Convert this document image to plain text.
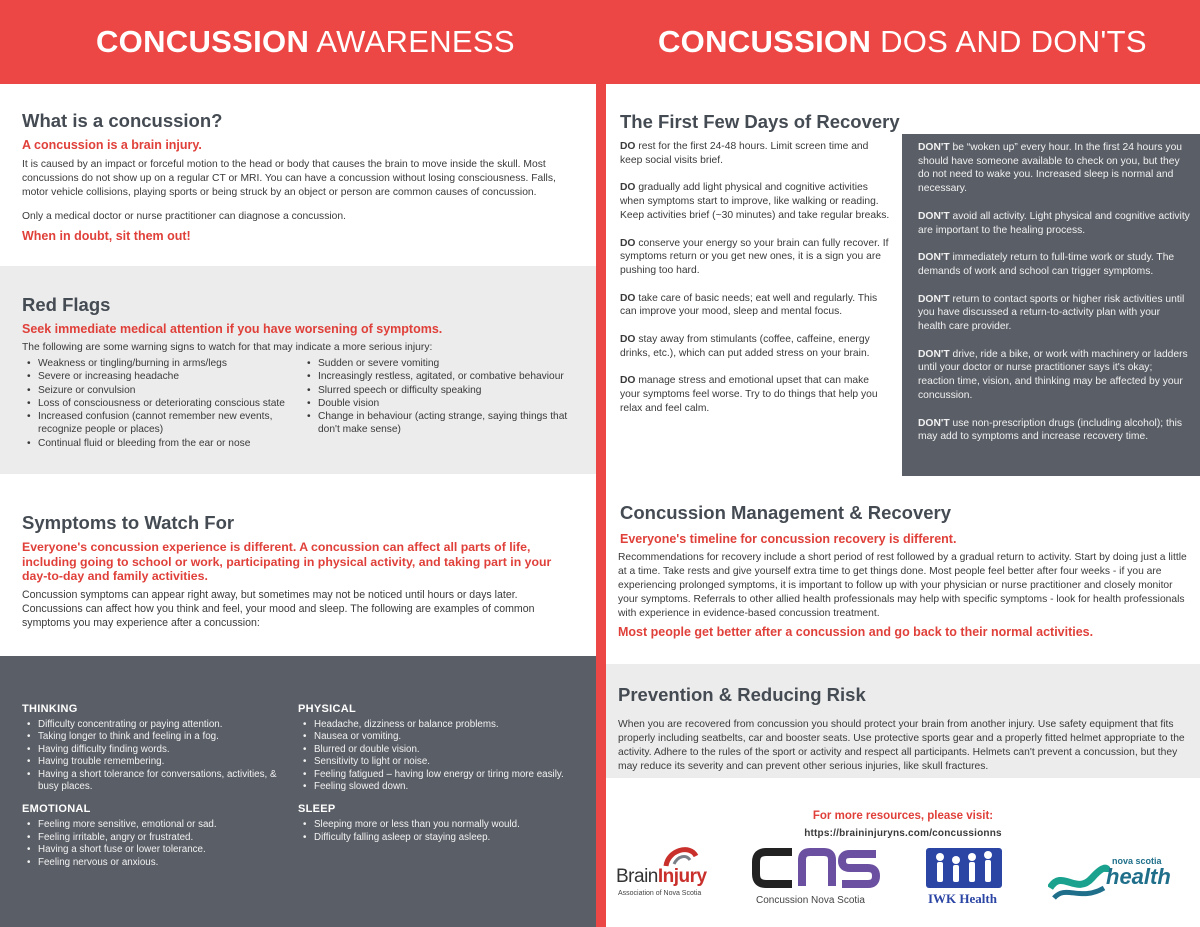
CONCUSSION AWARENESS	CONCUSSION DOS AND DON'TS
What is a concussion?
A concussion is a brain injury.

It is caused by an impact or forceful motion to the head or body that causes the brain to move inside the skull. Most concussions do not show up on a regular CT or MRI. You can have a concussion without losing consciousness. Falls, motor vehicle collisions, playing sports or being struck by an object or person are common causes of concussion.

Only a medical doctor or nurse practitioner can diagnose a concussion.

When in doubt, sit them out!
Red Flags
Seek immediate medical attention if you have worsening of symptoms.

The following are some warning signs to watch for that may indicate a more serious injury:

• Weakness or tingling/burning in arms/legs
• Severe or increasing headache
• Seizure or convulsion
• Loss of consciousness or deteriorating conscious state
• Increased confusion (cannot remember new events, recognize people or places)
• Continual fluid or bleeding from the ear or nose
• Sudden or severe vomiting
• Increasingly restless, agitated, or combative behaviour
• Slurred speech or difficulty speaking
• Double vision
• Change in behaviour (acting strange, saying things that don't make sense)
Symptoms to Watch For
Everyone's concussion experience is different. A concussion can affect all parts of life, including going to school or work, participating in physical activity, and taking part in your day-to-day and family activities.

Concussion symptoms can appear right away, but sometimes may not be noticed until hours or days later. Concussions can affect how you think and feel, your mood and sleep. The following are examples of common symptoms you may experience after a concussion:

THINKING
• Difficulty concentrating or paying attention.
• Taking longer to think and feeling in a fog.
• Having difficulty finding words.
• Having trouble remembering.
• Having a short tolerance for conversations, activities, & busy places.
PHYSICAL
• Headache, dizziness or balance problems.
• Nausea or vomiting.
• Blurred or double vision.
• Sensitivity to light or noise.
• Feeling fatigued – having low energy or tiring more easily.
• Feeling slowed down.
EMOTIONAL
• Feeling more sensitive, emotional or sad.
• Feeling irritable, angry or frustrated.
• Having a short fuse or lower tolerance.
• Feeling nervous or anxious.
SLEEP
• Sleeping more or less than you normally would.
• Difficulty falling asleep or staying asleep.
The First Few Days of Recovery

DO rest for the first 24-48 hours. Limit screen time and keep social visits brief.

DO gradually add light physical and cognitive activities when symptoms start to improve, like walking or reading. Keep activities brief (~30 minutes) and take regular breaks.

DO conserve your energy so your brain can fully recover. If symptoms return or you get new ones, it is a sign you are pushing too hard.

DO take care of basic needs; eat well and regularly. This can improve your mood, sleep and mental focus.

DO stay away from stimulants (coffee, caffeine, energy drinks, etc.), which can put added stress on your brain.

DO manage stress and emotional upset that can make your symptoms feel worse. Try to do things that help you relax and feel calm.

DON'T be “woken up” every hour. In the first 24 hours you should have someone available to check on you, but they do not need to wake you. Increased sleep is normal and necessary.

DON'T avoid all activity. Light physical and cognitive activity are important to the healing process.

DON'T immediately return to full-time work or study. The demands of work and school can trigger symptoms.

DON'T return to contact sports or higher risk activities until you have discussed a return-to-activity plan with your health care provider.

DON'T drive, ride a bike, or work with machinery or ladders until your doctor or nurse practitioner says it's okay; reaction time, vision, and thinking may be affected by your concussion.

DON'T use non-prescription drugs (including alcohol); this may add to symptoms and increase recovery time.

Concussion Management & Recovery
Everyone's timeline for concussion recovery is different.

Recommendations for recovery include a short period of rest followed by a gradual return to activity. Start by doing just a little at a time. Take rests and give yourself extra time to get things done. Most people feel better after four weeks - if you are experiencing prolonged symptoms, it is important to follow up with your physician or nurse practitioner and closely monitor your symptoms. Referrals to other allied health professionals may help with specific symptoms - look for health professionals with experience in evidence-based concussion treatment.

Most people get better after a concussion and go back to their normal activities.
Prevention & Reducing Risk

When you are recovered from concussion you should protect your brain from another injury. Use safety equipment that fits properly including seatbelts, car and booster seats. Use protective sports gear and a properly fitted helmet appropriate to the activity. Adhere to the rules of the sport or activity and respect all participants. Helmets can't prevent a concussion, but they may reduce its severity and can prevent other serious injuries, like skull fractures.

For more resources, please visit:
https://braininjuryns.com/concussionns
BrainInjury
Association of Nova Scotia
Concussion Nova Scotia	IWK Health
nova scotia
health
